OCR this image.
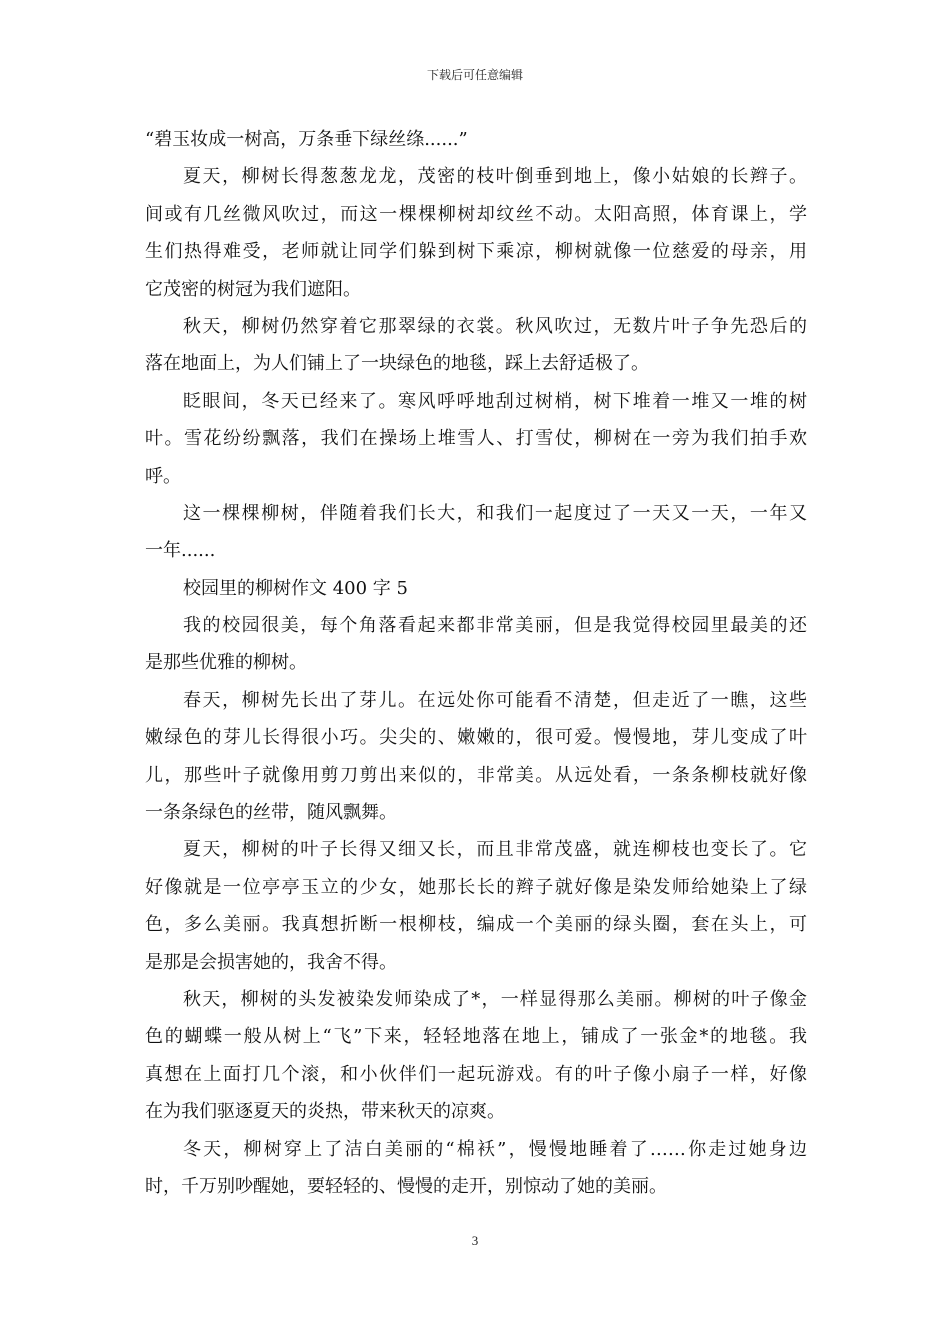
下载后可任意编辑
“碧玉妆成一树高，万条垂下绿丝绦......”
夏天，柳树长得葱葱龙龙，茂密的枝叶倒垂到地上，像小姑娘的长辫子。
间或有几丝微风吹过，而这一棵棵柳树却纹丝不动。太阳高照，体育课上，学
生们热得难受，老师就让同学们躲到树下乘凉，柳树就像一位慈爱的母亲，用
它茂密的树冠为我们遮阳。
秋天，柳树仍然穿着它那翠绿的衣裳。秋风吹过，无数片叶子争先恐后的
落在地面上，为人们铺上了一块绿色的地毯，踩上去舒适极了。
眨眼间，冬天已经来了。寒风呼呼地刮过树梢，树下堆着一堆又一堆的树
叶。雪花纷纷飘落，我们在操场上堆雪人、打雪仗，柳树在一旁为我们拍手欢
呼。
这一棵棵柳树，伴随着我们长大，和我们一起度过了一天又一天，一年又
一年......
校园里的柳树作文 400 字 5
我的校园很美，每个角落看起来都非常美丽，但是我觉得校园里最美的还
是那些优雅的柳树。
春天，柳树先长出了芽儿。在远处你可能看不清楚，但走近了一瞧，这些
嫩绿色的芽儿长得很小巧。尖尖的、嫩嫩的，很可爱。慢慢地，芽儿变成了叶
儿，那些叶子就像用剪刀剪出来似的，非常美。从远处看，一条条柳枝就好像
一条条绿色的丝带，随风飘舞。
夏天，柳树的叶子长得又细又长，而且非常茂盛，就连柳枝也变长了。它
好像就是一位亭亭玉立的少女，她那长长的辫子就好像是染发师给她染上了绿
色，多么美丽。我真想折断一根柳枝，编成一个美丽的绿头圈，套在头上，可
是那是会损害她的，我舍不得。
秋天，柳树的头发被染发师染成了*，一样显得那么美丽。柳树的叶子像金
色的蝴蝶一般从树上“飞”下来，轻轻地落在地上，铺成了一张金*的地毯。我
真想在上面打几个滚，和小伙伴们一起玩游戏。有的叶子像小扇子一样，好像
在为我们驱逐夏天的炎热，带来秋天的凉爽。
冬天，柳树穿上了洁白美丽的“棉袄”，慢慢地睡着了……你走过她身边
时，千万别吵醒她，要轻轻的、慢慢的走开，别惊动了她的美丽。
3
